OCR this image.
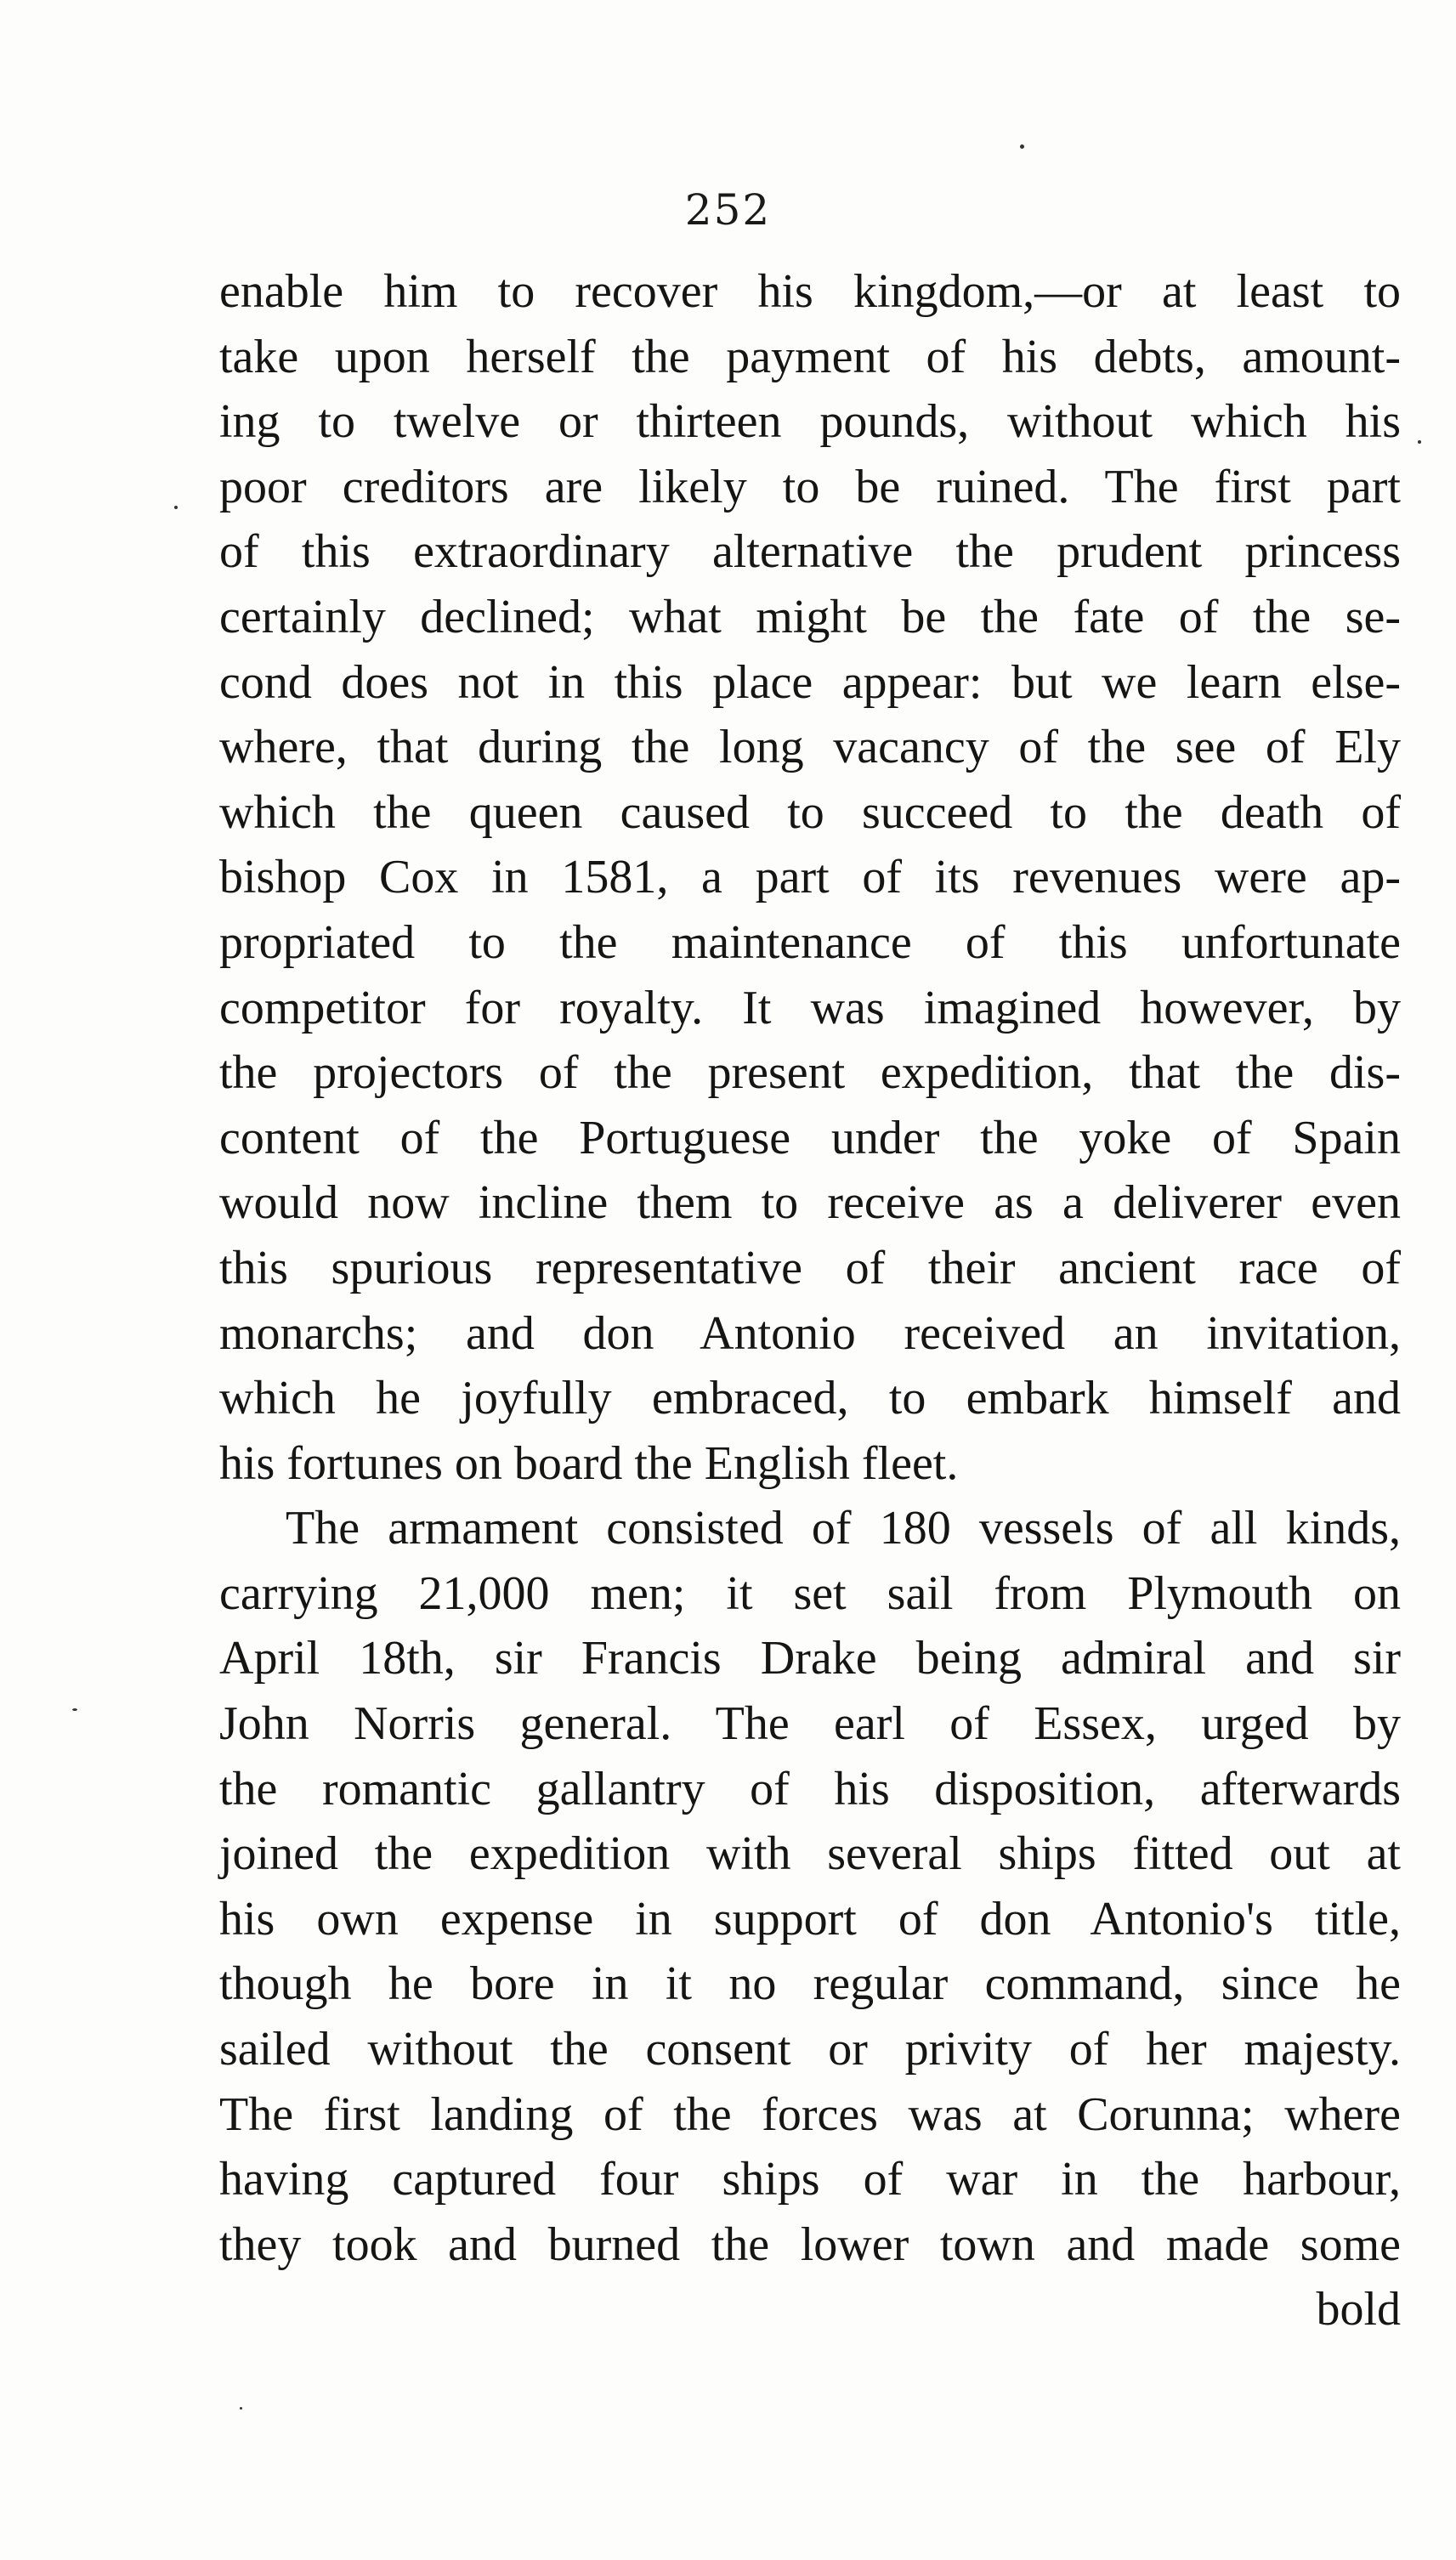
252
enable him to recover his kingdom,—or at least to
take upon herself the payment of his debts, amount-
ing to twelve or thirteen pounds, without which his
poor creditors are likely to be ruined. The first part
of this extraordinary alternative the prudent princess
certainly declined; what might be the fate of the se-
cond does not in this place appear: but we learn else-
where, that during the long vacancy of the see of Ely
which the queen caused to succeed to the death of
bishop Cox in 1581, a part of its revenues were ap-
propriated to the maintenance of this unfortunate
competitor for royalty. It was imagined however, by
the projectors of the present expedition, that the dis-
content of the Portuguese under the yoke of Spain
would now incline them to receive as a deliverer even
this spurious representative of their ancient race of
monarchs; and don Antonio received an invitation,
which he joyfully embraced, to embark himself and
his fortunes on board the English fleet.
The armament consisted of 180 vessels of all kinds,
carrying 21,000 men; it set sail from Plymouth on
April 18th, sir Francis Drake being admiral and sir
John Norris general. The earl of Essex, urged by
the romantic gallantry of his disposition, afterwards
joined the expedition with several ships fitted out at
his own expense in support of don Antonio's title,
though he bore in it no regular command, since he
sailed without the consent or privity of her majesty.
The first landing of the forces was at Corunna; where
having captured four ships of war in the harbour,
they took and burned the lower town and made some
bold
